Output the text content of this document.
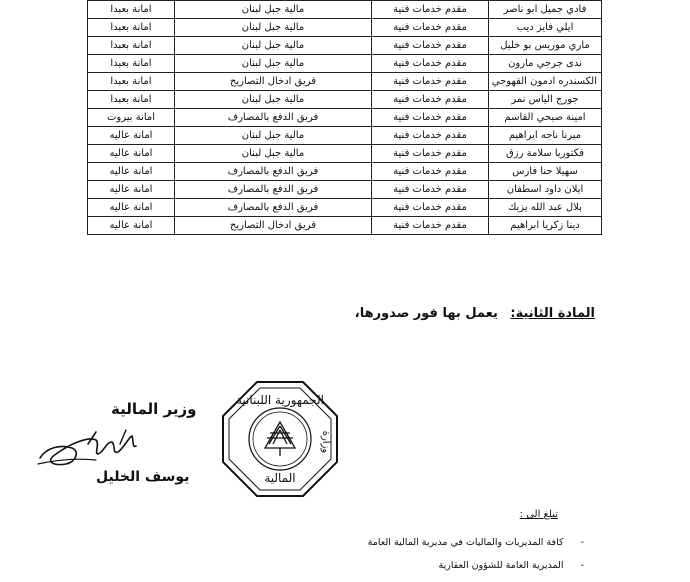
فادي جميل ابو ناصر	مقدم خدمات فنية	مالية جبل لبنان	امانة بعبدا
ايلي فايز ديب	مقدم خدمات فنية	مالية جبل لبنان	امانة بعبدا
ماري موريس بو خليل	مقدم خدمات فنية	مالية جبل لبنان	امانة بعبدا
ندى جرجي مارون	مقدم خدمات فنية	مالية جبل لبنان	امانة بعبدا
الكسندره ادمون القهوجي	مقدم خدمات فنية	فريق ادخال التصاريح	امانة بعبدا
جورج الياس نمر	مقدم خدمات فنية	مالية جبل لبنان	امانة بعبدا
امينة صبحي القاسم	مقدم خدمات فنية	فريق الدفع بالمصارف	امانة بيروت
ميرنا ناجه ابراهيم	مقدم خدمات فنية	مالية جبل لبنان	امانة عاليه
فكتوريا سلامة رزق	مقدم خدمات فنية	مالية جبل لبنان	امانة عاليه
سهيلا حنا فارس	مقدم خدمات فنية	فريق الدفع بالمصارف	امانة عاليه
ايلان داود اسطفان	مقدم خدمات فنية	فريق الدفع بالمصارف	امانة عاليه
بلال عبد الله يزبك	مقدم خدمات فنية	فريق الدفع بالمصارف	امانة عاليه
دينا زكريا ابراهيم	مقدم خدمات فنية	فريق ادخال التصاريح	امانة عاليه
المادة الثانية: يعمل بها فور صدورها،
وزير المالية
يوسف الخليل
الجمهورية اللبنانية
وزارة
المالية
تبلغ الى :
- كافة المديريات والماليات في مديرية المالية العامة
- المديرية العامة للشؤون العقارية
